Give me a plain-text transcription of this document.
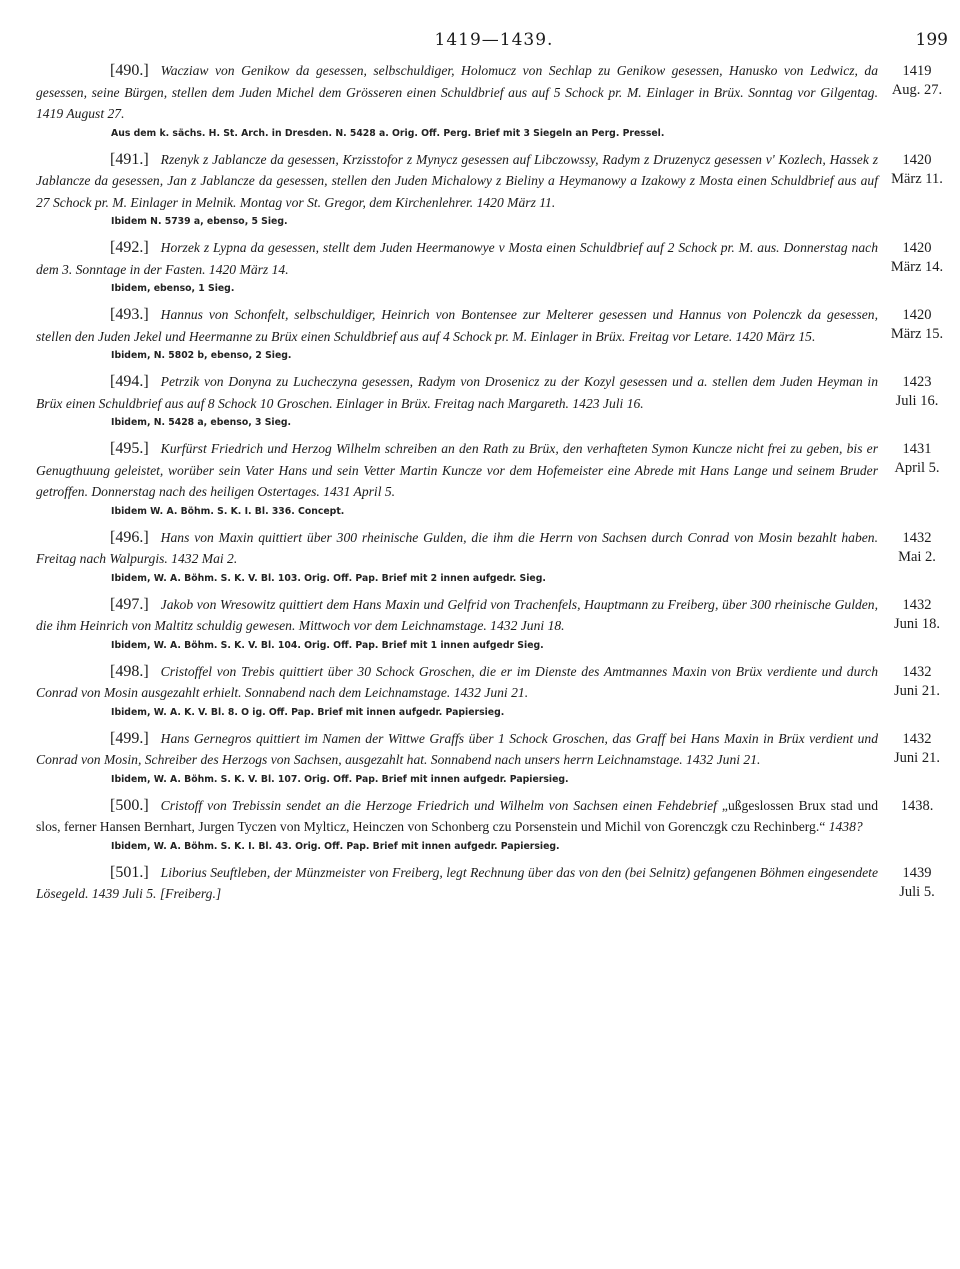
1419—1439.	199
[490.] Wacziaw von Genikow da gesessen, selbschuldiger, Holomucz von Sechlap zu Genikow gesessen, Hanusko von Ledwicz, da gesessen, seine Bürgen, stellen dem Juden Michel dem Grösseren einen Schuldbrief aus auf 5 Schock pr. M. Einlager in Brüx. Sonntag vor Gilgentag. 1419 August 27.
Aus dem k. sächs. H. St. Arch. in Dresden. N. 5428 a. Orig. Off. Perg. Brief mit 3 Siegeln an Perg. Pressel.
1419
Aug. 27.
[491.] Rzenyk z Jablancze da gesessen, Krzisstofor z Mynycz gesessen auf Libczowssy, Radym z Druzenycz gesessen v' Kozlech, Hassek z Jablancze da gesessen, Jan z Jablancze da gesessen, stellen den Juden Michalowy z Bieliny a Heymanowy a Izakowy z Mosta einen Schuldbrief aus auf 27 Schock pr. M. Einlager in Melnik. Montag vor St. Gregor, dem Kirchenlehrer. 1420 März 11.
Ibidem N. 5739 a, ebenso, 5 Sieg.
1420
März 11.
[492.] Horzek z Lypna da gesessen, stellt dem Juden Heermanowye v Mosta einen Schuldbrief auf 2 Schock pr. M. aus. Donnerstag nach dem 3. Sonntage in der Fasten. 1420 März 14.
Ibidem, ebenso, 1 Sieg.
1420
März 14.
[493.] Hannus von Schonfelt, selbschuldiger, Heinrich von Bontensee zur Melterer gesessen und Hannus von Polenczk da gesessen, stellen den Juden Jekel und Heermanne zu Brüx einen Schuldbrief aus auf 4 Schock pr. M. Einlager in Brüx. Freitag vor Letare. 1420 März 15.
Ibidem, N. 5802 b, ebenso, 2 Sieg.
1420
März 15.
[494.] Petrzik von Donyna zu Lucheczyna gesessen, Radym von Drosenicz zu der Kozyl gesessen und a. stellen dem Juden Heyman in Brüx einen Schuldbrief aus auf 8 Schock 10 Groschen. Einlager in Brüx. Freitag nach Margareth. 1423 Juli 16.
Ibidem, N. 5428 a, ebenso, 3 Sieg.
1423
Juli 16.
[495.] Kurfürst Friedrich und Herzog Wilhelm schreiben an den Rath zu Brüx, den verhafteten Symon Kuncze nicht frei zu geben, bis er Genugthuung geleistet, worüber sein Vater Hans und sein Vetter Martin Kuncze vor dem Hofemeister eine Abrede mit Hans Lange und seinem Bruder getroffen. Donnerstag nach des heiligen Ostertages. 1431 April 5.
Ibidem W. A. Böhm. S. K. I. Bl. 336. Concept.
1431
April 5.
[496.] Hans von Maxin quittiert über 300 rheinische Gulden, die ihm die Herrn von Sachsen durch Conrad von Mosin bezahlt haben. Freitag nach Walpurgis. 1432 Mai 2.
Ibidem, W. A. Böhm. S. K. V. Bl. 103. Orig. Off. Pap. Brief mit 2 innen aufgedr. Sieg.
1432
Mai 2.
[497.] Jakob von Wresowitz quittiert dem Hans Maxin und Gelfrid von Trachenfels, Hauptmann zu Freiberg, über 300 rheinische Gulden, die ihm Heinrich von Maltitz schuldig gewesen. Mittwoch vor dem Leichnamstage. 1432 Juni 18.
Ibidem, W. A. Böhm. S. K. V. Bl. 104. Orig. Off. Pap. Brief mit 1 innen aufgedr Sieg.
1432
Juni 18.
[498.] Cristoffel von Trebis quittiert über 30 Schock Groschen, die er im Dienste des Amtmannes Maxin von Brüx verdiente und durch Conrad von Mosin ausgezahlt erhielt. Sonnabend nach dem Leichnamstage. 1432 Juni 21.
Ibidem, W. A. K. V. Bl. 8. O ig. Off. Pap. Brief mit innen aufgedr. Papiersieg.
1432
Juni 21.
[499.] Hans Gernegros quittiert im Namen der Wittwe Graffs über 1 Schock Groschen, das Graff bei Hans Maxin in Brüx verdient und Conrad von Mosin, Schreiber des Herzogs von Sachsen, ausgezahlt hat. Sonnabend nach unsers herrn Leichnamstage. 1432 Juni 21.
Ibidem, W. A. Böhm. S. K. V. Bl. 107. Orig. Off. Pap. Brief mit innen aufgedr. Papiersieg.
1432
Juni 21.
[500.] Cristoff von Trebissin sendet an die Herzoge Friedrich und Wilhelm von Sachsen einen Fehdebrief „ußgeslossen Brux stad und slos, ferner Hansen Bernhart, Jurgen Tyczen von Mylticz, Heinczen von Schonberg czu Porsenstein und Michil von Gorenczgk czu Rechinberg.“ 1438?
Ibidem, W. A. Böhm. S. K. I. Bl. 43. Orig. Off. Pap. Brief mit innen aufgedr. Papiersieg.
1438.
[501.] Liborius Seuftleben, der Münzmeister von Freiberg, legt Rechnung über das von den (bei Selnitz) gefangenen Böhmen eingesendete Lösegeld. 1439 Juli 5. [Freiberg.]
1439
Juli 5.
